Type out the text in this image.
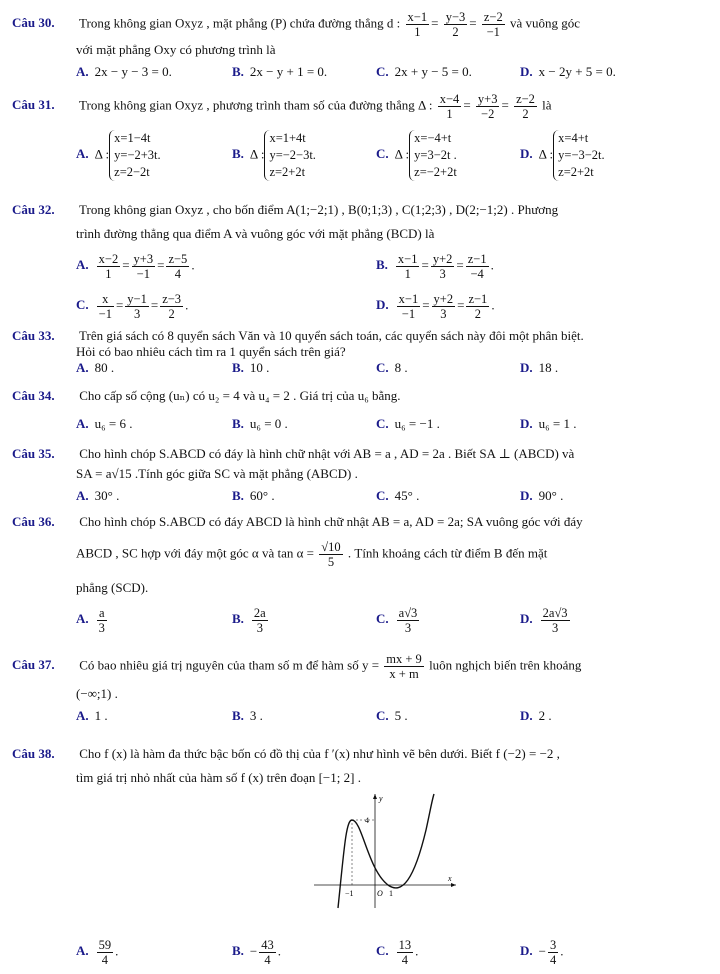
Câu 30. Trong không gian Oxyz , mặt phẳng (P) chứa đường thẳng d : $\frac{x-1}{1} = \frac{y-3}{2} = \frac{z-2}{-1}$ và vuông góc
với mặt phẳng Oxy có phương trình là
A. 2x − y − 3 = 0.	B. 2x − y + 1 = 0.	C. 2x + y − 5 = 0.	D. x − 2y + 5 = 0.
Câu 31. Trong không gian Oxyz , phương trình tham số của đường thẳng Δ : $\frac{x-4}{1} = \frac{y+3}{-2} = \frac{z-2}{2}$ là
A. Δ :x=1−4t
y=−2+3t.
z=2−2t
B. Δ :x=1+4t
y=−2−3t.
z=2+2t
C. Δ :x=−4+t
y=3−2t .
z=−2+2t
D. Δ :x=4+t
y=−3−2t.
z=2+2t
Câu 32. Trong không gian Oxyz , cho bốn điểm A(1;−2;1) , B(0;1;3) , C(1;2;3) , D(2;−1;2) . Phương
trình đường thẳng qua điểm A và vuông góc với mặt phẳng (BCD) là
A. $\frac{x-2}{1} = \frac{y+3}{-1} = \frac{z-5}{4}$ .	B. $\frac{x-1}{1} = \frac{y+2}{3} = \frac{z-1}{-4}$ .
C. $\frac{x}{-1} = \frac{y-1}{3} = \frac{z-3}{2}$ .	D. $\frac{x-1}{-1} = \frac{y+2}{3} = \frac{z-1}{2}$ .
Câu 33. Trên giá sách có 8 quyển sách Văn và 10 quyển sách toán, các quyển sách này đôi một phân biệt.
Hỏi có bao nhiêu cách tìm ra 1 quyển sách trên giá?
A. 80 .	B. 10 .	C. 8 .	D. 18 .
Câu 34. Cho cấp số cộng (uₙ) có u₂ = 4 và u₄ = 2 . Giá trị của u₆ bằng.
A. u₆ = 6 .	B. u₆ = 0 .	C. u₆ = −1 .	D. u₆ = 1 .
Câu 35. Cho hình chóp S.ABCD có đáy là hình chữ nhật với AB = a , AD = 2a . Biết SA ⊥ (ABCD) và
SA = a√15 .Tính góc giữa SC và mặt phẳng (ABCD) .
A. 30° .	B. 60° .	C. 45° .	D. 90° .
Câu 36. Cho hình chóp S.ABCD có đáy ABCD là hình chữ nhật AB = a, AD = 2a; SA vuông góc với đáy
ABCD , SC hợp với đáy một góc α và $\tan \alpha = \frac{√10}{5}$ . Tính khoảng cách từ điểm B đến mặt
phẳng (SCD).
A. $\frac{a}{3}$	B. $\frac{2a}{3}$	C. $\frac{a√3}{3}$	D. $\frac{2a√3}{3}$
Câu 37. Có bao nhiêu giá trị nguyên của tham số m để hàm số $y = \frac{mx + 9}{x + m}$ luôn nghịch biến trên khoảng
(−∞;1) .
A. 1 .	B. 3 .	C. 5 .	D. 2 .
Câu 38. Cho f (x) là hàm đa thức bậc bốn có đồ thị của f ′(x) như hình vẽ bên dưới. Biết f (−2) = −2 ,
tìm giá trị nhỏ nhất của hàm số f (x) trên đoạn [−1; 2] .
y
x
4
−1	O 1
A. $\frac{59}{4}$ .	B. − $\frac{43}{4}$ .	C. $\frac{13}{4}$ .	D. − $\frac{3}{4}$ .
